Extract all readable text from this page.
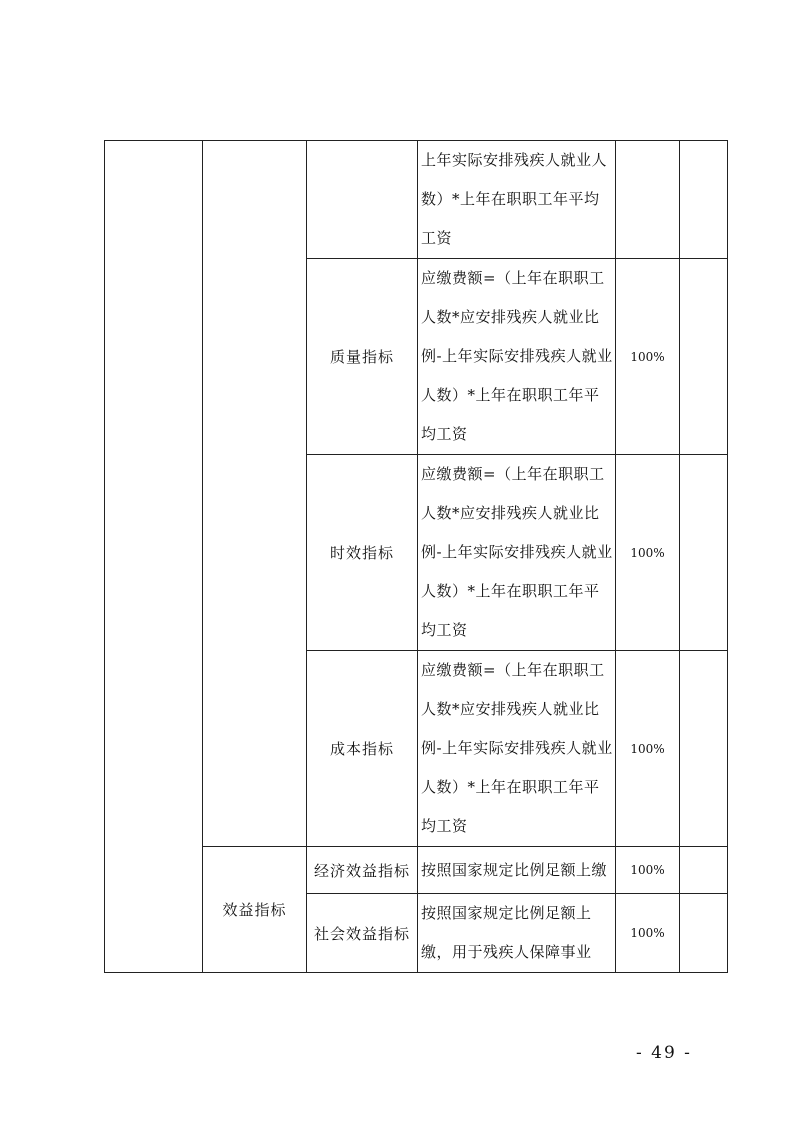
			上年实际安排残疾人就业人数）*上年在职职工年平均工资		
		质量指标	应缴费额=（上年在职职工人数*应安排残疾人就业比例-上年实际安排残疾人就业人数）*上年在职职工年平均工资	100%	
		时效指标	应缴费额=（上年在职职工人数*应安排残疾人就业比例-上年实际安排残疾人就业人数）*上年在职职工年平均工资	100%	
		成本指标	应缴费额=（上年在职职工人数*应安排残疾人就业比例-上年实际安排残疾人就业人数）*上年在职职工年平均工资	100%	
	效益指标	经济效益指标	按照国家规定比例足额上缴	100%	
		社会效益指标	按照国家规定比例足额上缴，用于残疾人保障事业	100%	
- 49 -
